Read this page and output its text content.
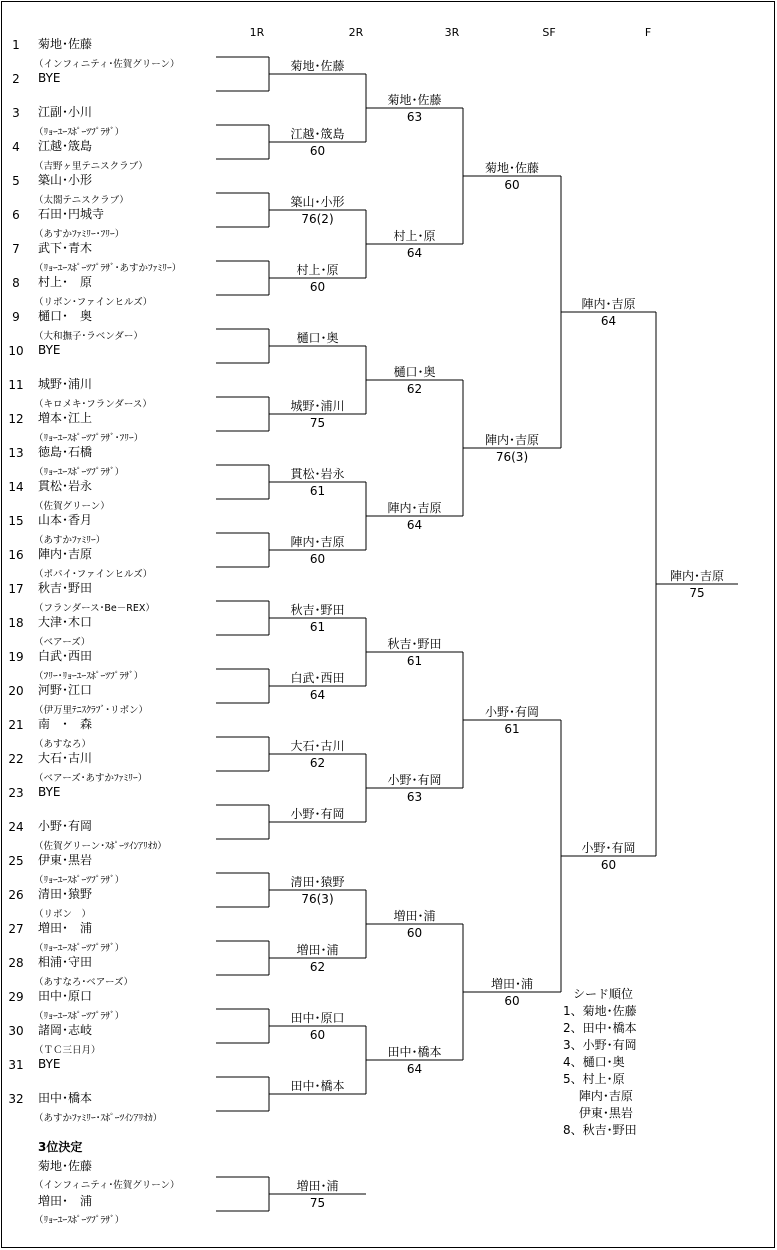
1R	2R	3R	SF	F
1	菊地･佐藤
（インフィニティ･佐賀グリーン）
2	BYE
3	江副･小川
（ﾘｮｰﾕｰｽﾎﾟｰﾂﾌﾟﾗｻﾞ）
4	江越･筬島
（吉野ヶ里テニスクラブ）
5	築山･小形
（太閤テニスクラブ）
6	石田･円城寺
（あすかﾌｧﾐﾘｰ･ﾌﾘｰ）
7	武下･青木
（ﾘｮｰﾕｰｽﾎﾟｰﾂﾌﾟﾗｻﾞ･あすかﾌｧﾐﾘｰ）
8	村上･　原
（リボン･ファインヒルズ）
9	樋口･　奥
（大和撫子･ラベンダー）
10 BYE
11 城野･浦川
（キロメキ･フランダース）
12 増本･江上
（ﾘｮｰﾕｰｽﾎﾟｰﾂﾌﾟﾗｻﾞ･ﾌﾘｰ）
13 徳島･石橋
（ﾘｮｰﾕｰｽﾎﾟｰﾂﾌﾟﾗｻﾞ）
14 貫松･岩永
（佐賀グリーン）
15 山本･香月
（あすかﾌｧﾐﾘｰ）
16 陣内･吉原
（ポパイ･ファインヒルズ）
17 秋吉･野田
（フランダース･Be－REX）
18 大津･木口
（ベアーズ）
19 白武･西田
（ﾌﾘｰ･ﾘｮｰﾕｰｽﾎﾟｰﾂﾌﾟﾗｻﾞ）
20 河野･江口
（伊万里ﾃﾆｽｸﾗﾌﾞ･リボン）
21 南　･　森
（あすなろ）
22 大石･古川
（ベアーズ･あすかﾌｧﾐﾘｰ）
23 BYE
24 小野･有岡
（佐賀グリーン･ｽﾎﾟｰﾂｲﾝｱﾘｵｶ）
25 伊東･黒岩
（ﾘｮｰﾕｰｽﾎﾟｰﾂﾌﾟﾗｻﾞ）
26 清田･猿野
（リボン　）
27 増田･　浦
（ﾘｮｰﾕｰｽﾎﾟｰﾂﾌﾟﾗｻﾞ）
28 相浦･守田
（あすなろ･ベアーズ）
29 田中･原口
（ﾘｮｰﾕｰｽﾎﾟｰﾂﾌﾟﾗｻﾞ）
30 諸岡･志岐
（ＴＣ三日月）
31 BYE
32 田中･橋本
（あすかﾌｧﾐﾘｰ･ｽﾎﾟｰﾂｲﾝｱﾘｵｶ）
菊地･佐藤
江越･筬島
60
築山･小形
76(2)
村上･原
60
樋口･奥
城野･浦川
75
貫松･岩永
61
陣内･吉原
60
秋吉･野田
61
白武･西田
64
大石･古川
62
小野･有岡
清田･猿野
76(3)
増田･浦
62
田中･原口
60
田中･橋本
菊地･佐藤
63
村上･原
64
樋口･奥
62
陣内･吉原
64
秋吉･野田
61
小野･有岡
63
増田･浦
60
田中･橋本
64
菊地･佐藤
60
陣内･吉原
76(3)
小野･有岡
61
増田･浦
60
陣内･吉原
64
小野･有岡
60
陣内･吉原
75
シード順位
1、菊地･佐藤
2、田中･橋本
3、小野･有岡
4、樋口･奥
5、村上･原
　 陣内･吉原
　 伊東･黒岩
8、秋吉･野田
3位決定
菊地･佐藤
（インフィニティ･佐賀グリーン）
増田･　浦
（ﾘｮｰﾕｰｽﾎﾟｰﾂﾌﾟﾗｻﾞ）
増田･浦
75
